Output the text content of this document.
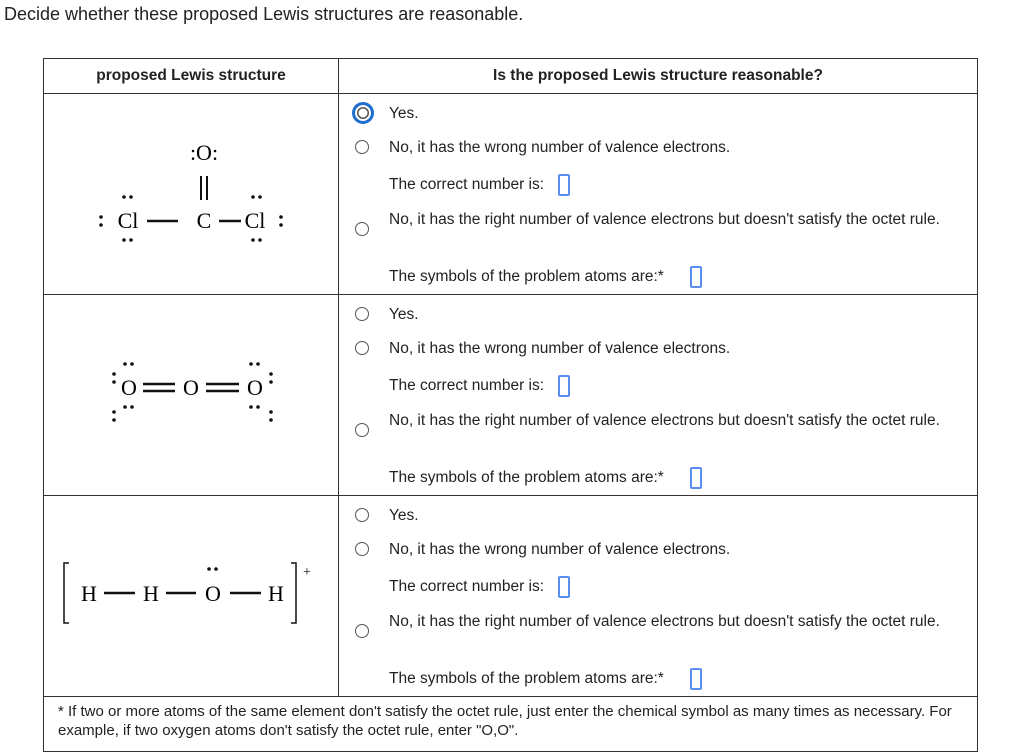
Decide whether these proposed Lewis structures are reasonable.
proposed Lewis structure	Is the proposed Lewis structure reasonable?
:O:
Cl	C Cl
Yes.
No, it has the wrong number of valence electrons.
The correct number is:
No, it has the right number of valence electrons but doesn't satisfy the octet rule.
The symbols of the problem atoms are:*
O O O
Yes.
No, it has the wrong number of valence electrons.
The correct number is:
No, it has the right number of valence electrons but doesn't satisfy the octet rule.
The symbols of the problem atoms are:*
+
H H O H
Yes.
No, it has the wrong number of valence electrons.
The correct number is:
No, it has the right number of valence electrons but doesn't satisfy the octet rule.
The symbols of the problem atoms are:*
* If two or more atoms of the same element don't satisfy the octet rule, just enter the chemical symbol as many times as necessary. For example, if two oxygen atoms don't satisfy the octet rule, enter "O,O".
